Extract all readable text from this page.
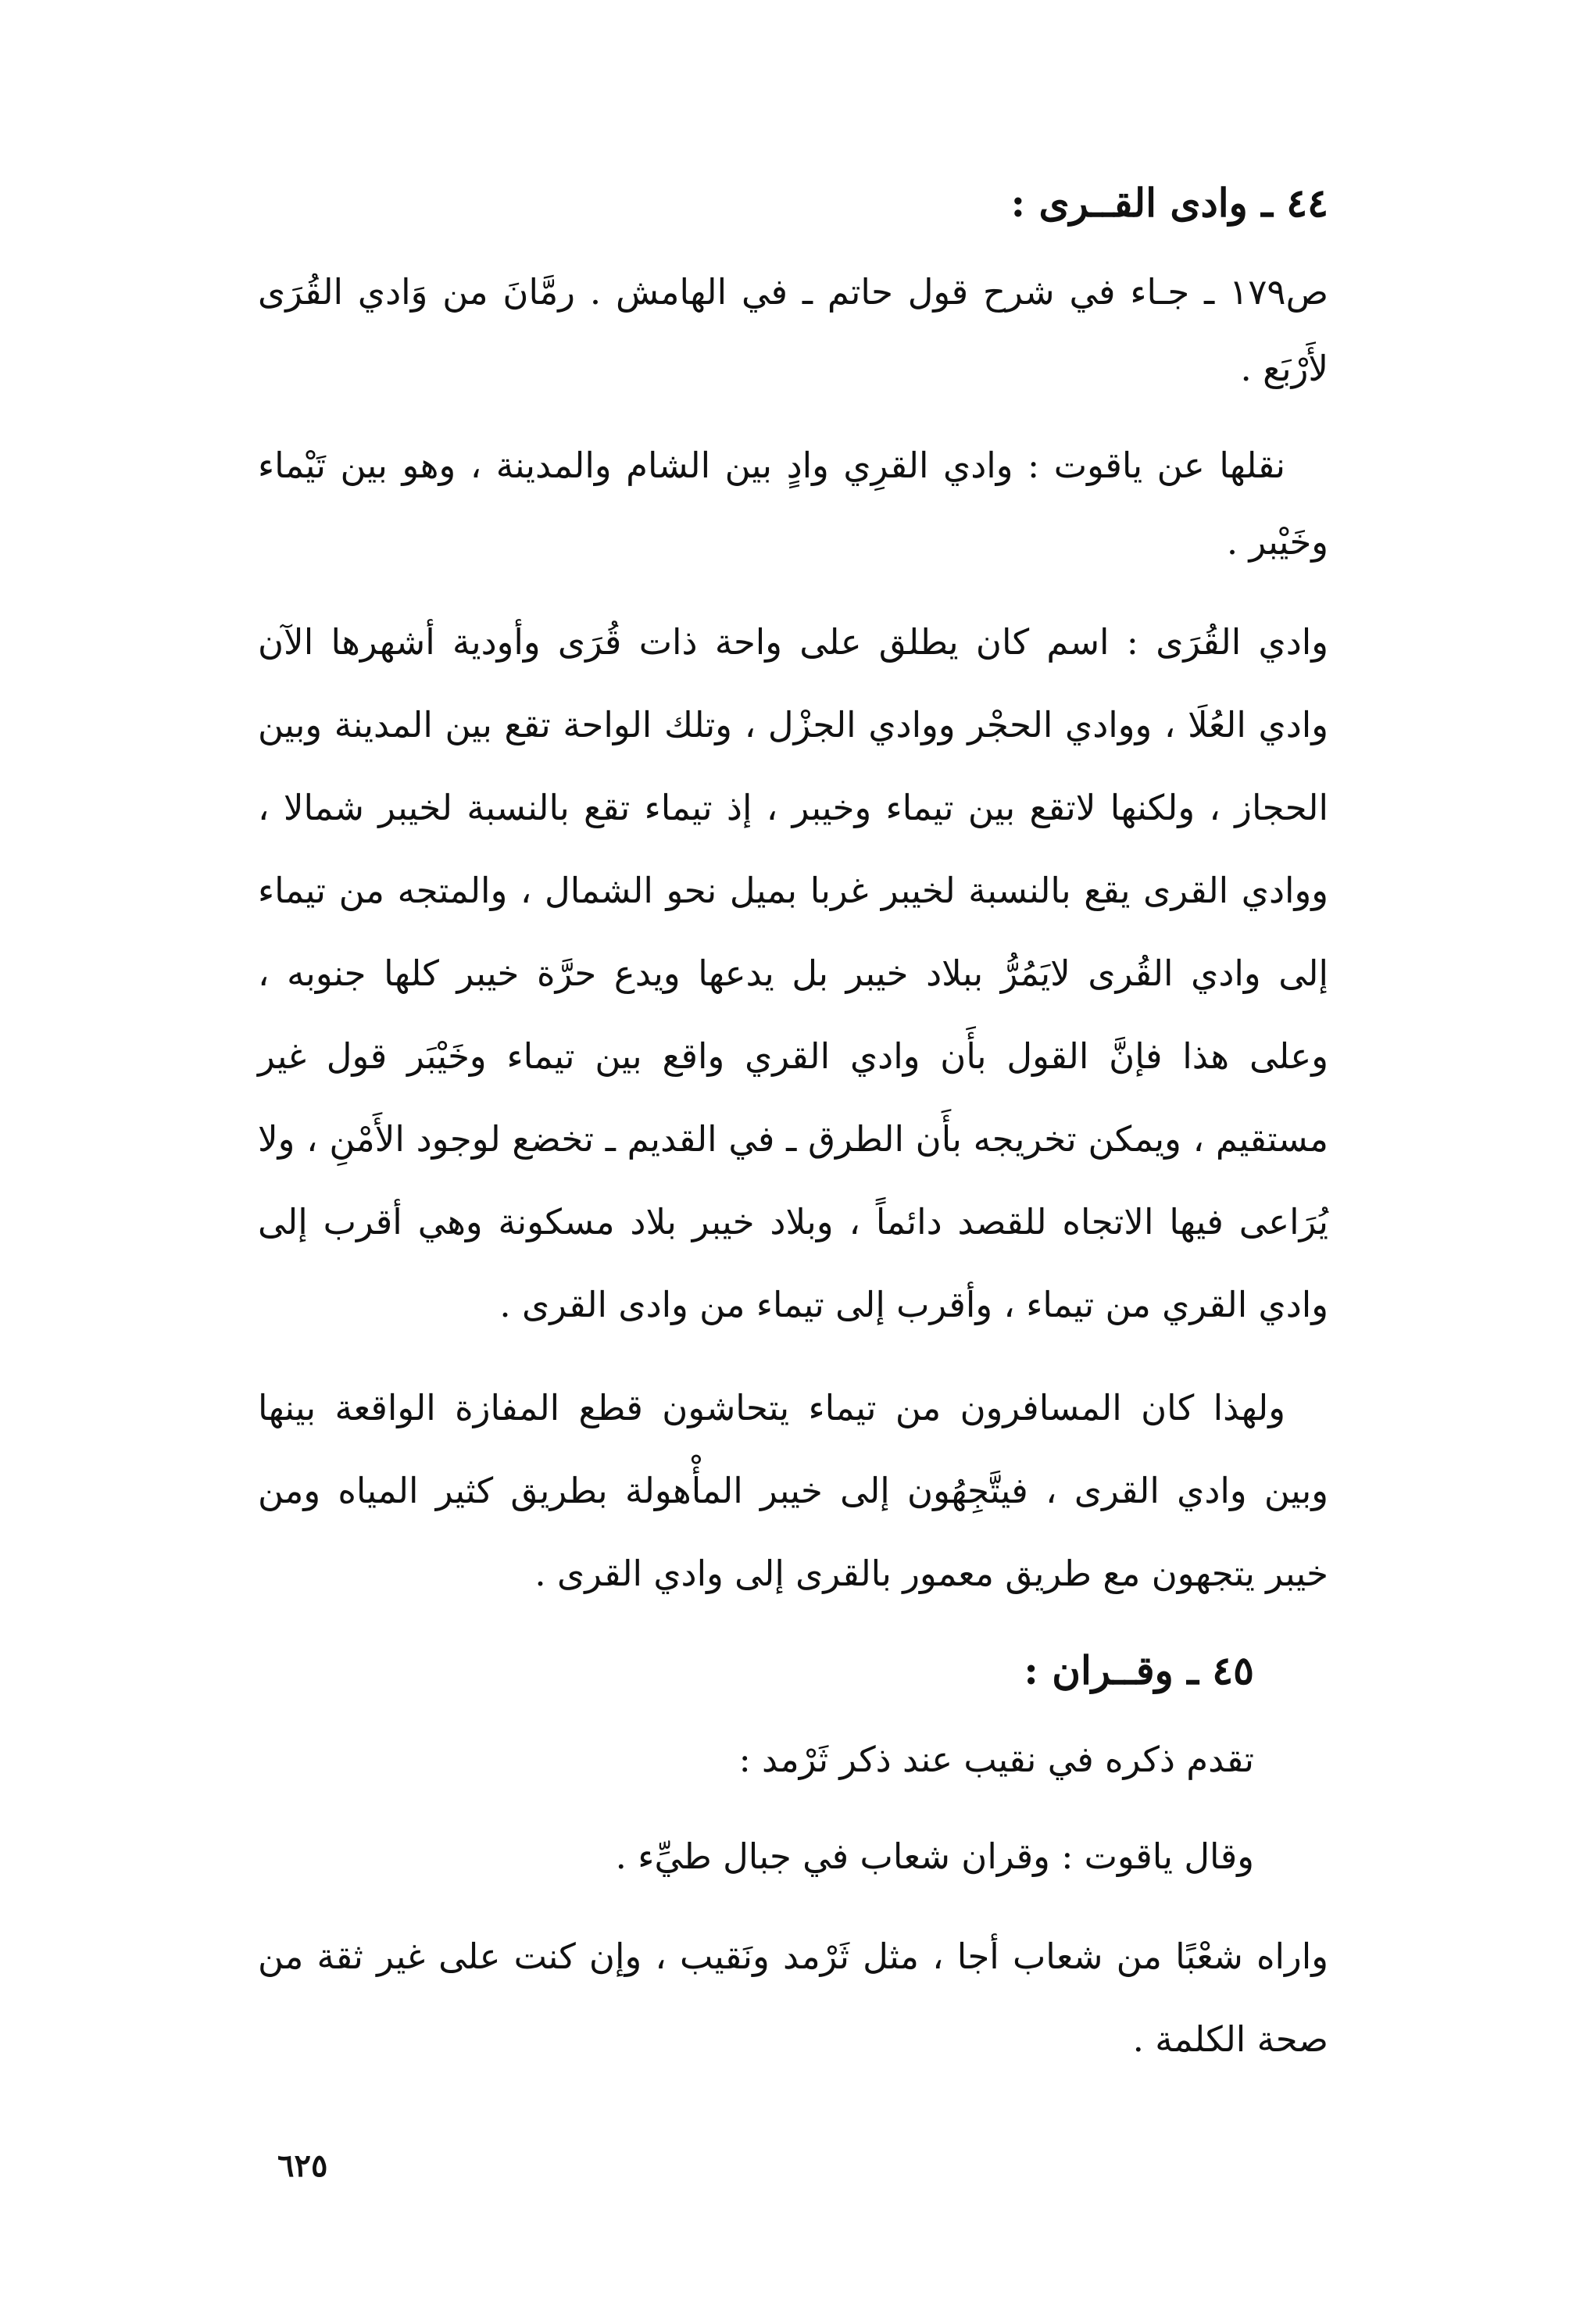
٤٤ ـ وادى القــرى :

ص١٧٩ ـ جـاء في شرح قول حاتم ـ في الهامش . رمَّانَ من وَادي القُرَى لأَرْبَع .

نقلها عن ياقوت : وادي القرِي وادٍ بين الشام والمدينة ، وهو بين تَيْماء وخَيْبر .

وادي القُرَى : اسم كان يطلق على واحة ذات قُرَى وأودية أشهرها الآن وادي العُلَا ، ووادي الحجْر ووادي الجزْل ، وتلك الواحة تقع بين المدينة وبين الحجاز ، ولكنها لاتقع بين تيماء وخيبر ، إذ تيماء تقع بالنسبة لخيبر شمالا ، ووادي القرى يقع بالنسبة لخيبر غربا بميل نحو الشمال ، والمتجه من تيماء إلى وادي القُرى لايَمُرُّ ببلاد خيبر بل يدعها ويدع حرَّة خيبر كلها جنوبه ، وعلى هذا فإنَّ القول بأَن وادي القري واقع بين تيماء وخَيْبَر قول غير مستقيم ، ويمكن تخريجه بأَن الطرق ـ في القديم ـ تخضع لوجود الأَمْنِ ، ولا يُرَاعى فيها الاتجاه للقصد دائماً ، وبلاد خيبر بلاد مسكونة وهي أقرب إلى وادي القري من تيماء ، وأقرب إلى تيماء من وادى القرى .

ولهذا كان المسافرون من تيماء يتحاشون قطع المفازة الواقعة بينها وبين وادي القرى ، فيتَّجِهُون إلى خيبر المأْهولة بطريق كثير المياه ومن خيبر يتجهون مع طريق معمور بالقرى إلى وادي القرى .

٤٥ ـ وقــران :

تقدم ذكره في نقيب عند ذكر ثَرْمد :

وقال ياقوت : وقران شعاب في جبال طيِّء .

واراه شعْبًا من شعاب أجا ، مثل ثَرْمد ونَقيب ، وإن كنت على غير ثقة من صحة الكلمة .

٦٢٥
